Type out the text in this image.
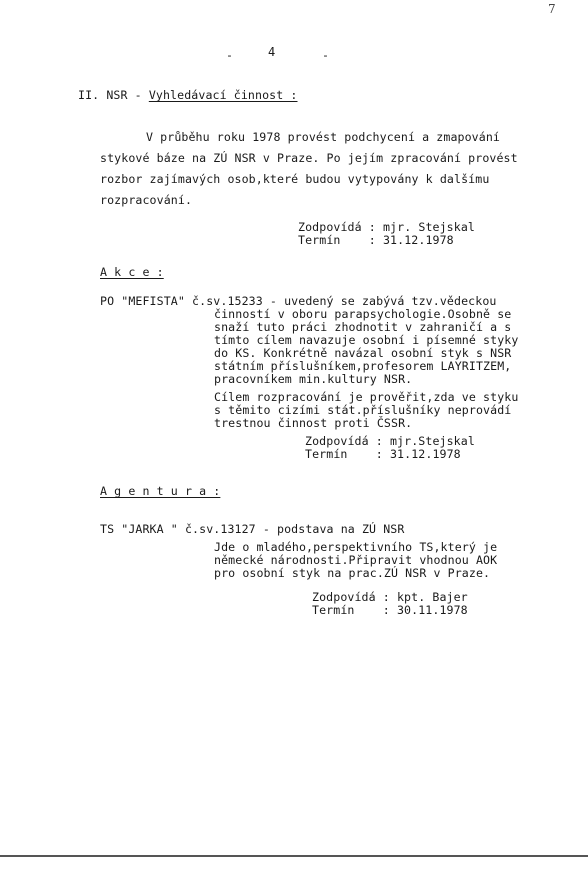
7
-	4	-
II. NSR - Vyhledávací činnost :
V průběhu roku 1978 provést podchycení a zmapování
stykové báze na ZÚ NSR v Praze. Po jejím zpracování provést
rozbor zajímavých osob,které budou vytypovány k dalšímu
rozpracování.
Zodpovídá : mjr. Stejskal
Termín    : 31.12.1978
A k c e :
PO "MEFISTA" č.sv.15233 - uvedený se zabývá tzv.vědeckou
činností v oboru parapsychologie.Osobně se
snaží tuto práci zhodnotit v zahraničí a s
tímto cílem navazuje osobní i písemné styky
do KS. Konkrétně navázal osobní styk s NSR
státním příslušníkem,profesorem LAYRITZEM,
pracovníkem min.kultury NSR.
Cílem rozpracování je prověřit,zda ve styku
s těmito cizími stát.příslušníky neprovádí
trestnou činnost proti ČSSR.
Zodpovídá : mjr.Stejskal
Termín    : 31.12.1978
A g e n t u r a :
TS "JARKA " č.sv.13127 - podstava na ZÚ NSR
Jde o mladého,perspektivního TS,který je
německé národnosti.Připravit vhodnou AOK
pro osobní styk na prac.ZÚ NSR v Praze.
Zodpovídá : kpt. Bajer
Termín    : 30.11.1978
